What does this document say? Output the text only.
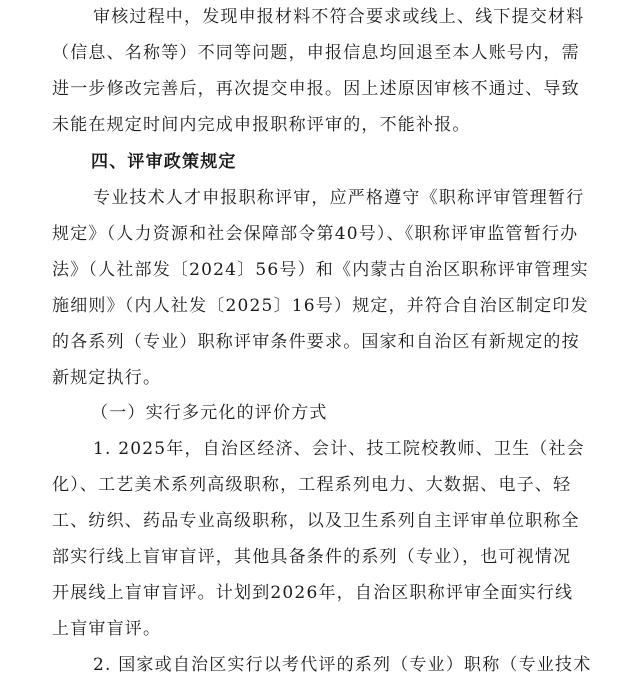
审核过程中，发现申报材料不符合要求或线上、线下提交材料
（信息、名称等）不同等问题，申报信息均回退至本人账号内，需
进一步修改完善后，再次提交申报。因上述原因审核不通过、导致
未能在规定时间内完成申报职称评审的，不能补报。
四、评审政策规定
专业技术人才申报职称评审，应严格遵守《职称评审管理暂行
规定》（人力资源和社会保障部令第40号）、《职称评审监管暂行办
法》（人社部发〔2024〕56号）和《内蒙古自治区职称评审管理实
施细则》（内人社发〔2025〕16号）规定，并符合自治区制定印发
的各系列（专业）职称评审条件要求。国家和自治区有新规定的按
新规定执行。
（一）实行多元化的评价方式
1. 2025年，自治区经济、会计、技工院校教师、卫生（社会
化）、工艺美术系列高级职称，工程系列电力、大数据、电子、轻
工、纺织、药品专业高级职称，以及卫生系列自主评审单位职称全
部实行线上盲审盲评，其他具备条件的系列（专业），也可视情况
开展线上盲审盲评。计划到2026年，自治区职称评审全面实行线
上盲审盲评。
2. 国家或自治区实行以考代评的系列（专业）职称（专业技术
